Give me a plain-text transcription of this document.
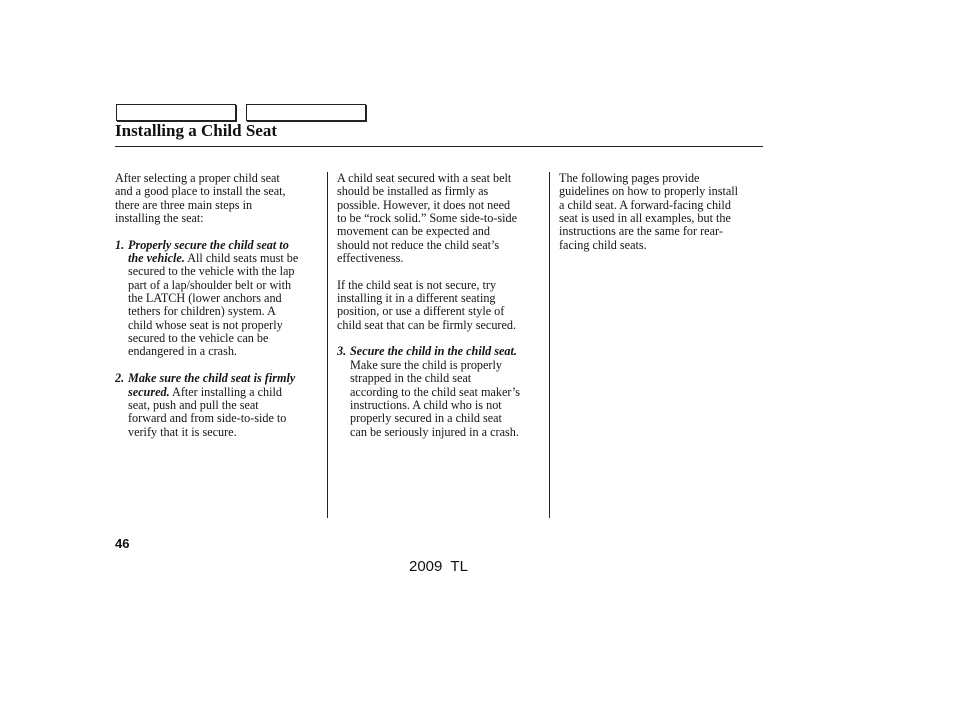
Installing a Child Seat
After selecting a proper child seat
and a good place to install the seat,
there are three main steps in
installing the seat:
1. Properly secure the child seat to
the vehicle. All child seats must be
secured to the vehicle with the lap
part of a lap/shoulder belt or with
the LATCH (lower anchors and
tethers for children) system. A
child whose seat is not properly
secured to the vehicle can be
endangered in a crash.
2. Make sure the child seat is firmly
secured. After installing a child
seat, push and pull the seat
forward and from side-to-side to
verify that it is secure.
A child seat secured with a seat belt
should be installed as firmly as
possible. However, it does not need
to be “rock solid.” Some side-to-side
movement can be expected and
should not reduce the child seat’s
effectiveness.
If the child seat is not secure, try
installing it in a different seating
position, or use a different style of
child seat that can be firmly secured.
3. Secure the child in the child seat.
Make sure the child is properly
strapped in the child seat
according to the child seat maker’s
instructions. A child who is not
properly secured in a child seat
can be seriously injured in a crash.
The following pages provide
guidelines on how to properly install
a child seat. A forward-facing child
seat is used in all examples, but the
instructions are the same for rear-
facing child seats.
46
2009  TL
